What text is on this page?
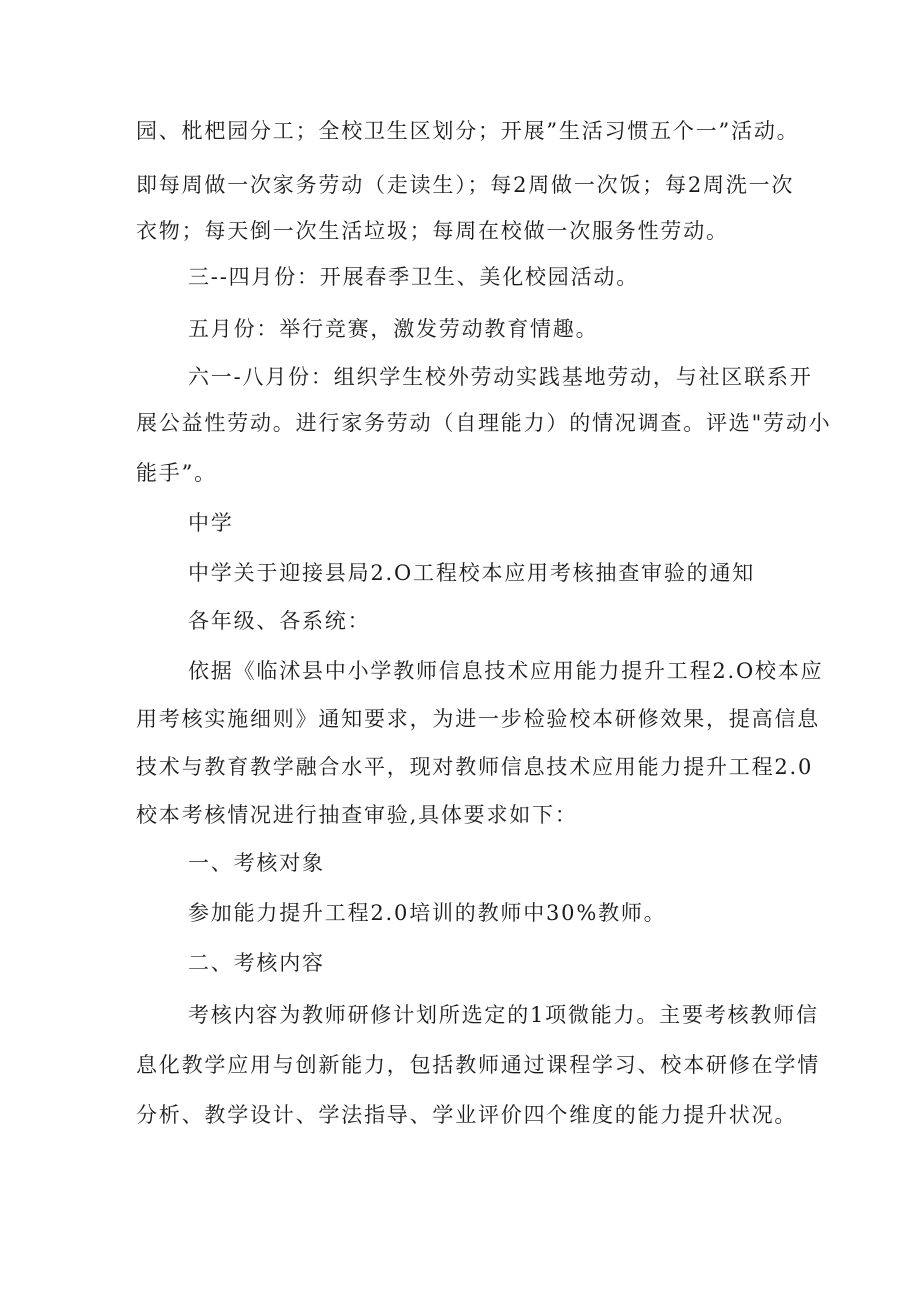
园、枇杷园分工；全校卫生区划分；开展”生活习惯五个一”活动。
即每周做一次家务劳动（走读生）；每2周做一次饭；每2周洗一次
衣物；每天倒一次生活垃圾；每周在校做一次服务性劳动。
三--四月份：开展春季卫生、美化校园活动。
五月份：举行竞赛，激发劳动教育情趣。
六一-八月份：组织学生校外劳动实践基地劳动，与社区联系开
展公益性劳动。进行家务劳动（自理能力）的情况调查。评选"劳动小
能手”。
中学
中学关于迎接县局2.O工程校本应用考核抽查审验的通知
各年级、各系统：
依据《临沭县中小学教师信息技术应用能力提升工程2.O校本应
用考核实施细则》通知要求，为进一步检验校本研修效果，提高信息
技术与教育教学融合水平，现对教师信息技术应用能力提升工程2.0
校本考核情况进行抽查审验,具体要求如下：
一、考核对象
参加能力提升工程2.0培训的教师中30%教师。
二、考核内容
考核内容为教师研修计划所选定的1项微能力。主要考核教师信
息化教学应用与创新能力，包括教师通过课程学习、校本研修在学情
分析、教学设计、学法指导、学业评价四个维度的能力提升状况。
